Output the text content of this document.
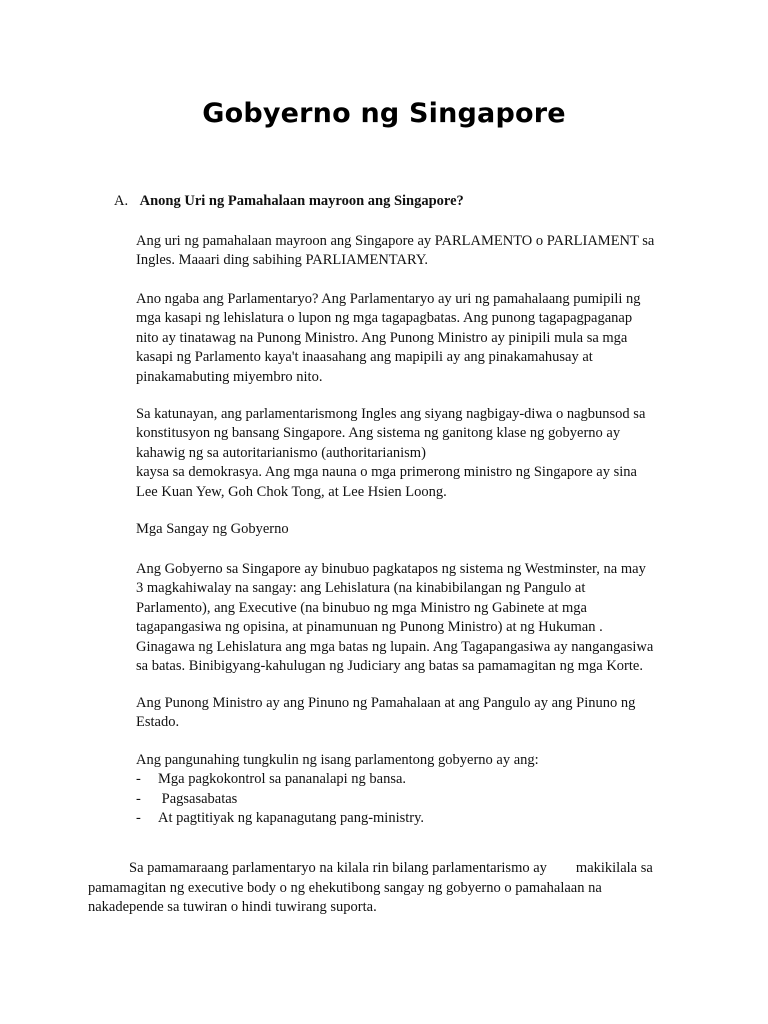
Gobyerno ng Singapore
A. Anong Uri ng Pamahalaan mayroon ang Singapore?

Ang uri ng pamahalaan mayroon ang Singapore ay PARLAMENTO o PARLIAMENT sa
Ingles. Maaari ding sabihing PARLIAMENTARY.

Ano ngaba ang Parlamentaryo? Ang Parlamentaryo ay uri ng pamahalaang pumipili ng
mga kasapi ng lehislatura o lupon ng mga tagapagbatas. Ang punong tagapagpaganap
nito ay tinatawag na Punong Ministro. Ang Punong Ministro ay pinipili mula sa mga
kasapi ng Parlamento kaya't inaasahang ang mapipili ay ang pinakamahusay at
pinakamabuting miyembro nito.

Sa katunayan, ang parlamentarismong Ingles ang siyang nagbigay-diwa o nagbunsod sa
konstitusyon ng bansang Singapore. Ang sistema ng ganitong klase ng gobyerno ay
kahawig ng sa autoritarianismo (authoritarianism)
kaysa sa demokrasya. Ang mga nauna o mga primerong ministro ng Singapore ay sina
Lee Kuan Yew, Goh Chok Tong, at Lee Hsien Loong.

Mga Sangay ng Gobyerno

Ang Gobyerno sa Singapore ay binubuo pagkatapos ng sistema ng Westminster, na may
3 magkahiwalay na sangay: ang Lehislatura (na kinabibilangan ng Pangulo at
Parlamento), ang Executive (na binubuo ng mga Ministro ng Gabinete at mga
tagapangasiwa ng opisina, at pinamunuan ng Punong Ministro) at ng Hukuman .
Ginagawa ng Lehislatura ang mga batas ng lupain. Ang Tagapangasiwa ay nangangasiwa
sa batas. Binibigyang-kahulugan ng Judiciary ang batas sa pamamagitan ng mga Korte.

Ang Punong Ministro ay ang Pinuno ng Pamahalaan at ang Pangulo ay ang Pinuno ng
Estado.

Ang pangunahing tungkulin ng isang parlamentong gobyerno ay ang:

- Mga pagkokontrol sa pananalapi ng bansa.
- Pagsasabatas
- At pagtitiyak ng kapanagutang pang-ministry.

Sa pamamaraang parlamentaryo na kilala rin bilang parlamentarismo ay        makikilala sa
pamamagitan ng executive body o ng ehekutibong sangay ng gobyerno o pamahalaan na
nakadepende sa tuwiran o hindi tuwirang suporta.
